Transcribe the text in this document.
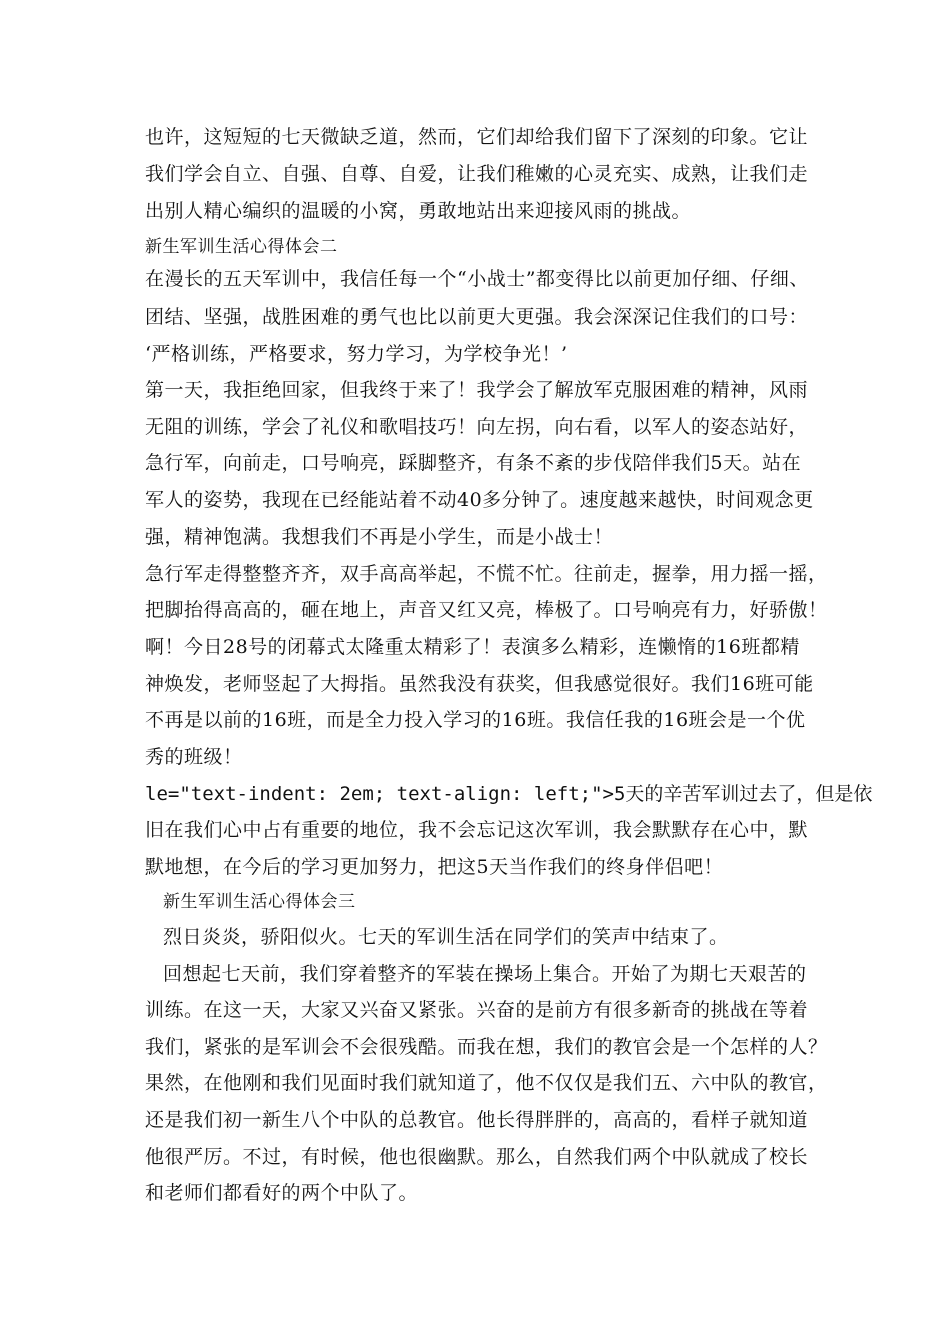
也许，这短短的七天微缺乏道，然而，它们却给我们留下了深刻的印象。它让
我们学会自立、自强、自尊、自爱，让我们稚嫩的心灵充实、成熟，让我们走
出别人精心编织的温暖的小窝，勇敢地站出来迎接风雨的挑战。
新生军训生活心得体会二
在漫长的五天军训中，我信任每一个“小战士”都变得比以前更加仔细、仔细、
团结、坚强，战胜困难的勇气也比以前更大更强。我会深深记住我们的口号：
‘严格训练，严格要求，努力学习，为学校争光！’
第一天，我拒绝回家，但我终于来了！我学会了解放军克服困难的精神，风雨
无阻的训练，学会了礼仪和歌唱技巧！向左拐，向右看，以军人的姿态站好，
急行军，向前走，口号响亮，踩脚整齐，有条不紊的步伐陪伴我们5天。站在
军人的姿势，我现在已经能站着不动40多分钟了。速度越来越快，时间观念更
强，精神饱满。我想我们不再是小学生，而是小战士！
急行军走得整整齐齐，双手高高举起，不慌不忙。往前走，握拳，用力摇一摇，
把脚抬得高高的，砸在地上，声音又红又亮，棒极了。口号响亮有力，好骄傲！
啊！今日28号的闭幕式太隆重太精彩了！表演多么精彩，连懒惰的16班都精
神焕发，老师竖起了大拇指。虽然我没有获奖，但我感觉很好。我们16班可能
不再是以前的16班，而是全力投入学习的16班。我信任我的16班会是一个优
秀的班级！
le="text-indent: 2em; text-align: left;">5天的辛苦军训过去了，但是依
旧在我们心中占有重要的地位，我不会忘记这次军训，我会默默存在心中，默
默地想，在今后的学习更加努力，把这5天当作我们的终身伴侣吧！
新生军训生活心得体会三
烈日炎炎，骄阳似火。七天的军训生活在同学们的笑声中结束了。
回想起七天前，我们穿着整齐的军装在操场上集合。开始了为期七天艰苦的
训练。在这一天，大家又兴奋又紧张。兴奋的是前方有很多新奇的挑战在等着
我们，紧张的是军训会不会很残酷。而我在想，我们的教官会是一个怎样的人？
果然，在他刚和我们见面时我们就知道了，他不仅仅是我们五、六中队的教官，
还是我们初一新生八个中队的总教官。他长得胖胖的，高高的，看样子就知道
他很严厉。不过，有时候，他也很幽默。那么，自然我们两个中队就成了校长
和老师们都看好的两个中队了。
